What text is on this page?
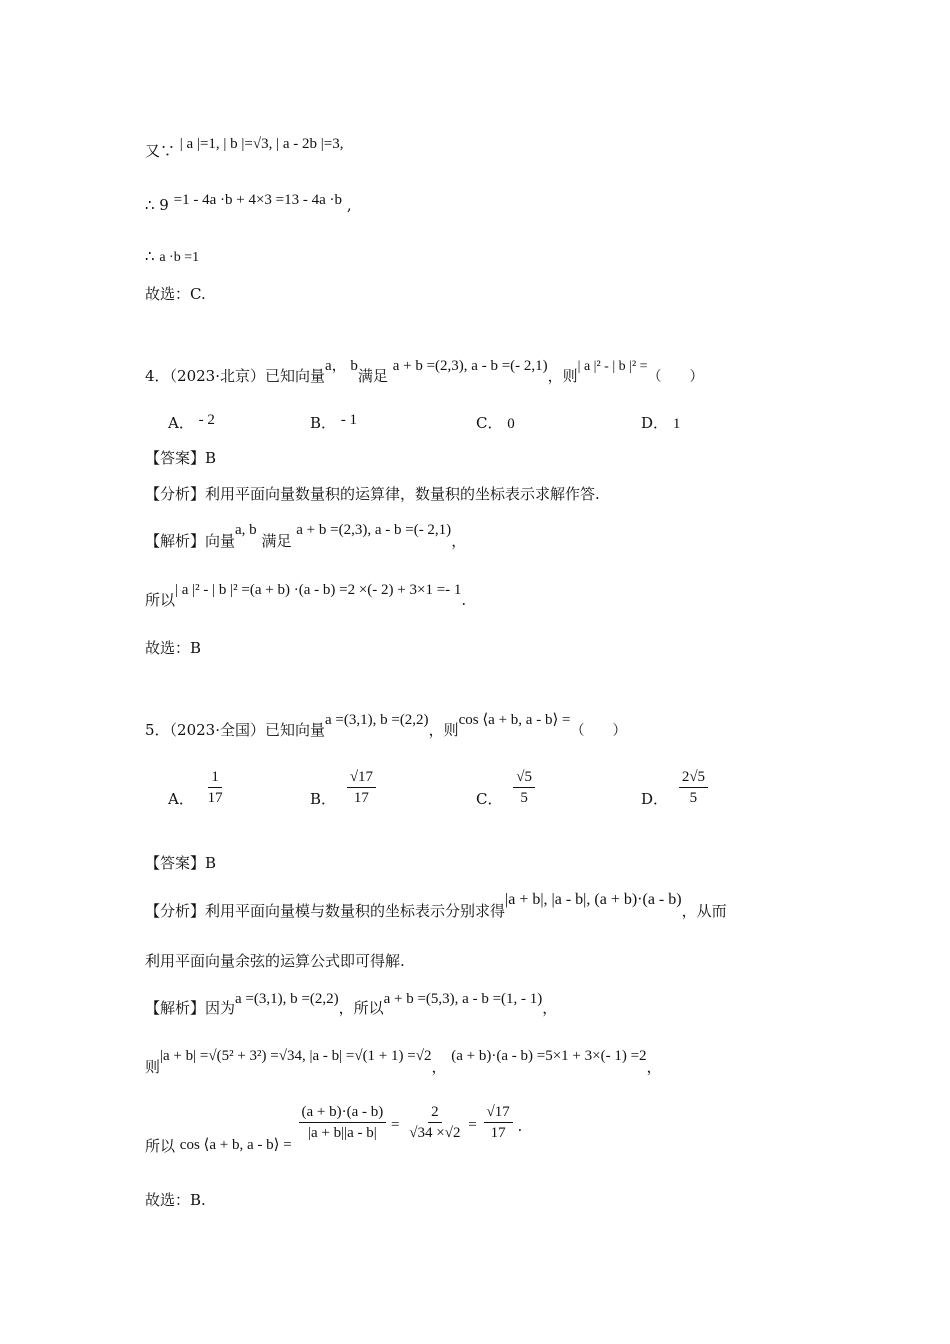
又∵ | a |=1, | b |=√3, | a - 2b |=3,
∴ 9 =1 - 4a ·b + 4×3 =13 - 4a ·b ,
∴ a ·b =1
故选：C.
4．（2023·北京）已知向量a， b满足 a + b =(2,3), a - b =(- 2,1)，则| a |² - | b |² =（　　）
A． - 2	B． - 1	C． 0	D． 1
【答案】B
【分析】利用平面向量数量积的运算律，数量积的坐标表示求解作答.
【解析】向量a, b 满足 a + b =(2,3), a - b =(- 2,1)，
所以| a |² - | b |² =(a + b) ·(a - b) =2 ×(- 2) + 3×1 =- 1.
故选：B
5．（2023·全国）已知向量a =(3,1), b =(2,2)，则cos ⟨a + b, a - b⟩ =（　　）
A． $\frac{1}{17}$	B． $\frac{√17}{17}$	C． $\frac{√5}{5}$	D． $\frac{2√5}{5}$
【答案】B
【分析】利用平面向量模与数量积的坐标表示分别求得|a + b|, |a - b|, (a + b)·(a - b)，从而
利用平面向量余弦的运算公式即可得解.
【解析】因为a =(3,1), b =(2,2)，所以a + b =(5,3), a - b =(1, - 1)，
则|a + b| =√(5² + 3²) =√34, |a - b| =√(1 + 1) =√2， (a + b)·(a - b) =5×1 + 3×(- 1) =2，
所以 cos ⟨a + b, a - b⟩ =
$\frac{(a + b)\cdot(a - b)}{|a + b||a - b|} = \frac{2}{√34 \times√2} = \frac{√17}{17}$ .
故选：B.
